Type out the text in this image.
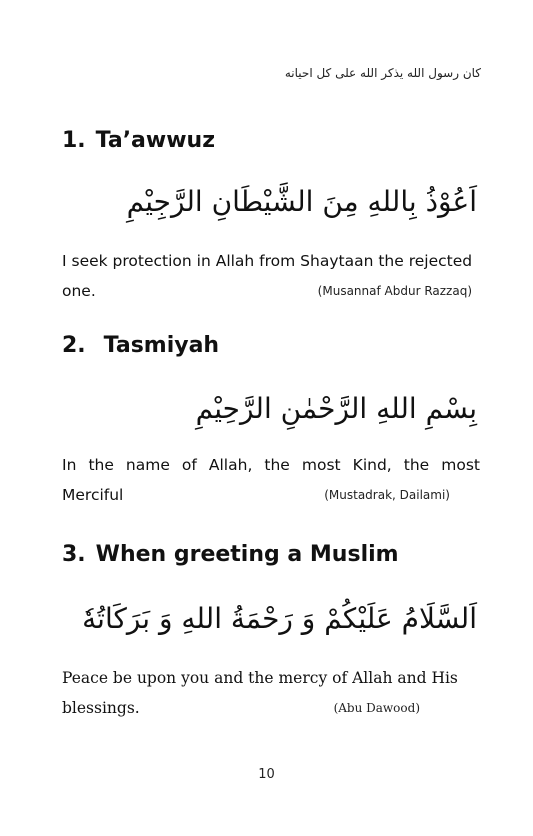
كان رسول الله يذكر الله على كل احيانه
1. Ta’awwuz
اَعُوْذُ بِاللهِ مِنَ الشَّيْطَانِ الرَّجِيْمِ
I seek protection in Allah from Shaytaan the rejected
one.	(Musannaf Abdur Razzaq)
2. Tasmiyah
بِسْمِ اللهِ الرَّحْمٰنِ الرَّحِيْمِ
In the name of Allah, the most Kind, the most
Merciful	(Mustadrak, Dailami)
3. When greeting a Muslim
اَلسَّلَامُ عَلَيْكُمْ وَ رَحْمَةُ اللهِ وَ بَرَكَاتُهٗ
Peace be upon you and the mercy of Allah and His
blessings.	(Abu Dawood)
10
